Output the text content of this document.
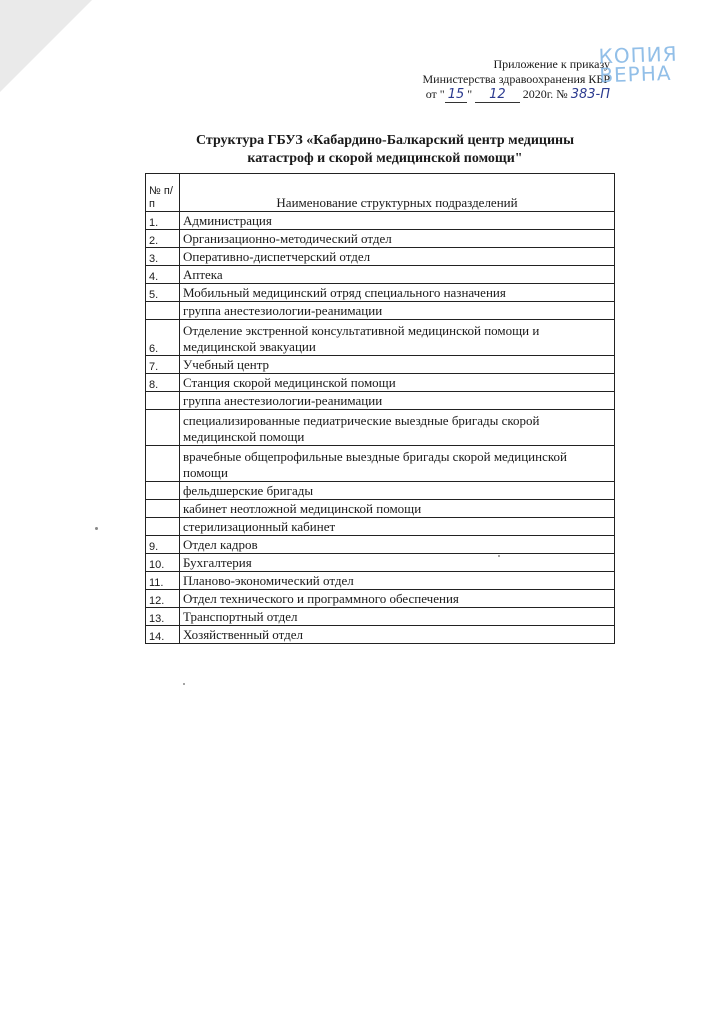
Приложение к приказу
Министерства здравоохранения КБР
от " 15 " 12 2020г. № 383-П
КОПИЯ
ВЕРНА
Структура ГБУЗ «Кабардино-Балкарский центр медицины
катастроф и скорой медицинской помощи"
№ п/п	Наименование структурных подразделений
1.	Администрация
2.	Организационно-методический отдел
3.	Оперативно-диспетчерский отдел
4.	Аптека
5.	Мобильный медицинский отряд специального назначения
	группа анестезиологии-реанимации
6.	Отделение экстренной консультативной медицинской помощи и медицинской эвакуации
7.	Учебный центр
8.	Станция скорой медицинской помощи
	группа анестезиологии-реанимации
	специализированные педиатрические выездные бригады скорой медицинской помощи
	врачебные общепрофильные выездные бригады скорой медицинской помощи
	фельдшерские бригады
	кабинет неотложной медицинской помощи
	стерилизационный кабинет
9.	Отдел кадров
10.	Бухгалтерия
11.	Планово-экономический отдел
12.	Отдел технического и программного обеспечения
13.	Транспортный отдел
14.	Хозяйственный отдел
